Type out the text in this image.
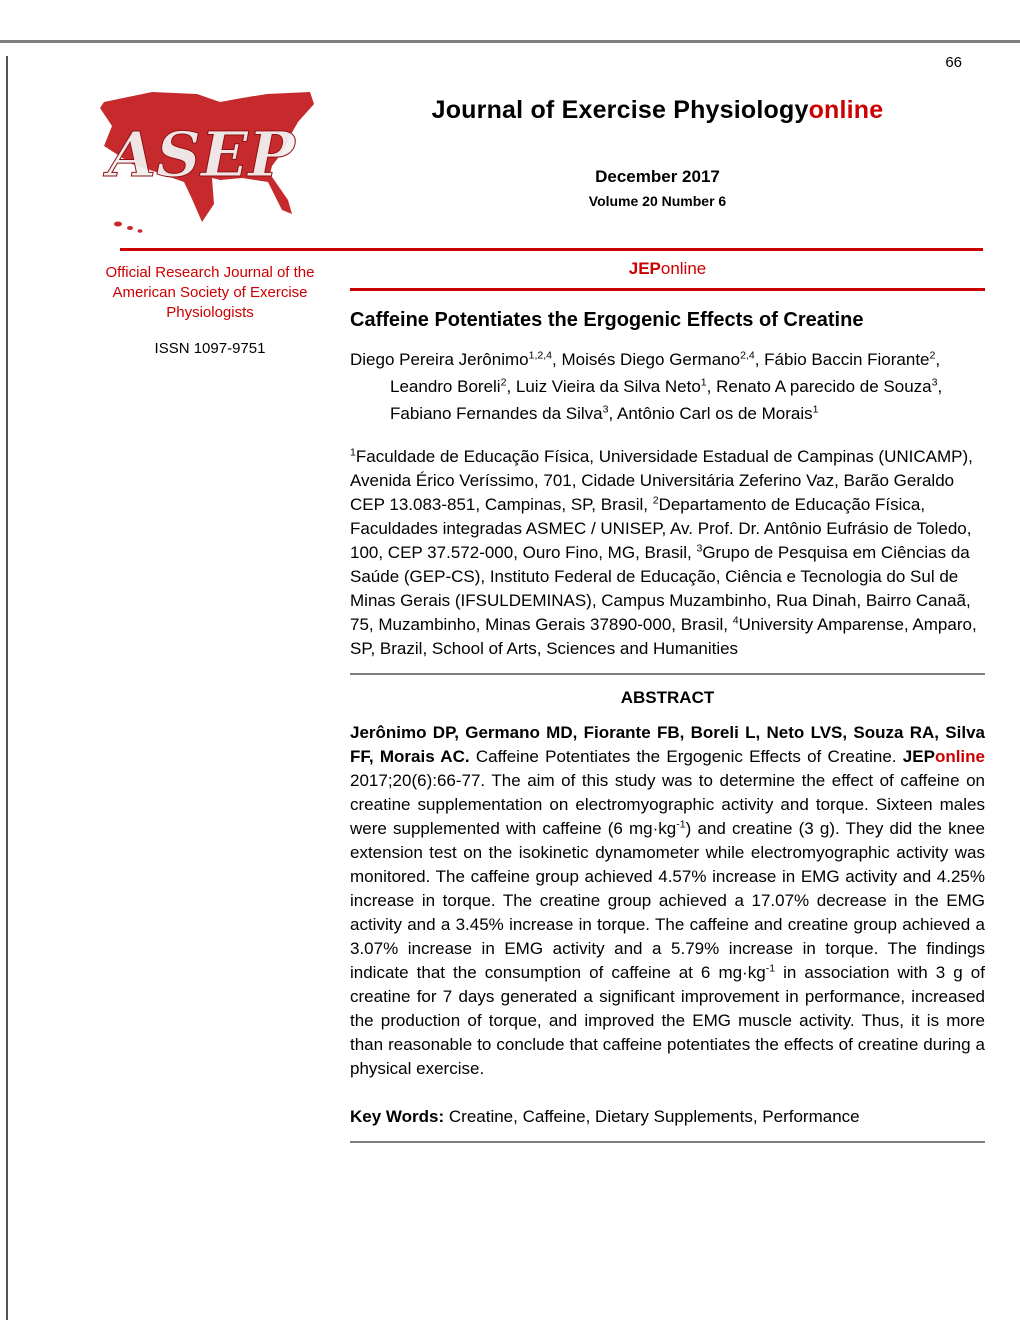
66
ASEP
Journal of Exercise Physiologyonline
December 2017
Volume 20 Number 6
Official Research Journal of the American Society of Exercise Physiologists
ISSN 1097-9751
JEPonline
Caffeine Potentiates the Ergogenic Effects of Creatine

Diego Pereira Jerônimo$^{1,2,4}$, Moisés Diego Germano$^{2,4}$, Fábio Baccin Fiorante$^2$, Leandro Boreli$^2$, Luiz Vieira da Silva Neto$^1$, Renato A parecido de Souza$^3$, Fabiano Fernandes da Silva$^3$, Antônio Carl os de Morais$^1$

$^1$Faculdade de Educação Física, Universidade Estadual de Campinas (UNICAMP), Avenida Érico Veríssimo, 701, Cidade Universitária Zeferino Vaz, Barão Geraldo CEP 13.083-851, Campinas, SP, Brasil, $^2$Departamento de Educação Física, Faculdades integradas ASMEC / UNISEP, Av. Prof. Dr. Antônio Eufrásio de Toledo, 100, CEP 37.572-000, Ouro Fino, MG, Brasil, $^3$Grupo de Pesquisa em Ciências da Saúde (GEP-CS), Instituto Federal de Educação, Ciência e Tecnologia do Sul de Minas Gerais (IFSULDEMINAS), Campus Muzambinho, Rua Dinah, Bairro Canaã, 75, Muzambinho, Minas Gerais 37890-000, Brasil, $^4$University Amparense, Amparo, SP, Brazil, School of Arts, Sciences and Humanities

ABSTRACT

Jerônimo DP, Germano MD, Fiorante FB, Boreli L, Neto LVS, Souza RA, Silva FF, Morais AC. Caffeine Potentiates the Ergogenic Effects of Creatine. JEPonline 2017;20(6):66-77. The aim of this study was to determine the effect of caffeine on creatine supplementation on electromyographic activity and torque. Sixteen males were supplemented with caffeine (6 $mg\cdot kg^{-1}$) and creatine (3 g). They did the knee extension test on the isokinetic dynamometer while electromyographic activity was monitored. The caffeine group achieved 4.57% increase in EMG activity and 4.25% increase in torque. The creatine group achieved a 17.07% decrease in the EMG activity and a 3.45% increase in torque. The caffeine and creatine group achieved a 3.07% increase in EMG activity and a 5.79% increase in torque. The findings indicate that the consumption of caffeine at 6 $mg\cdot kg^{-1}$ in association with 3 g of creatine for 7 days generated a significant improvement in performance, increased the production of torque, and improved the EMG muscle activity. Thus, it is more than reasonable to conclude that caffeine potentiates the effects of creatine during a physical exercise.

Key Words: Creatine, Caffeine, Dietary Supplements, Performance
